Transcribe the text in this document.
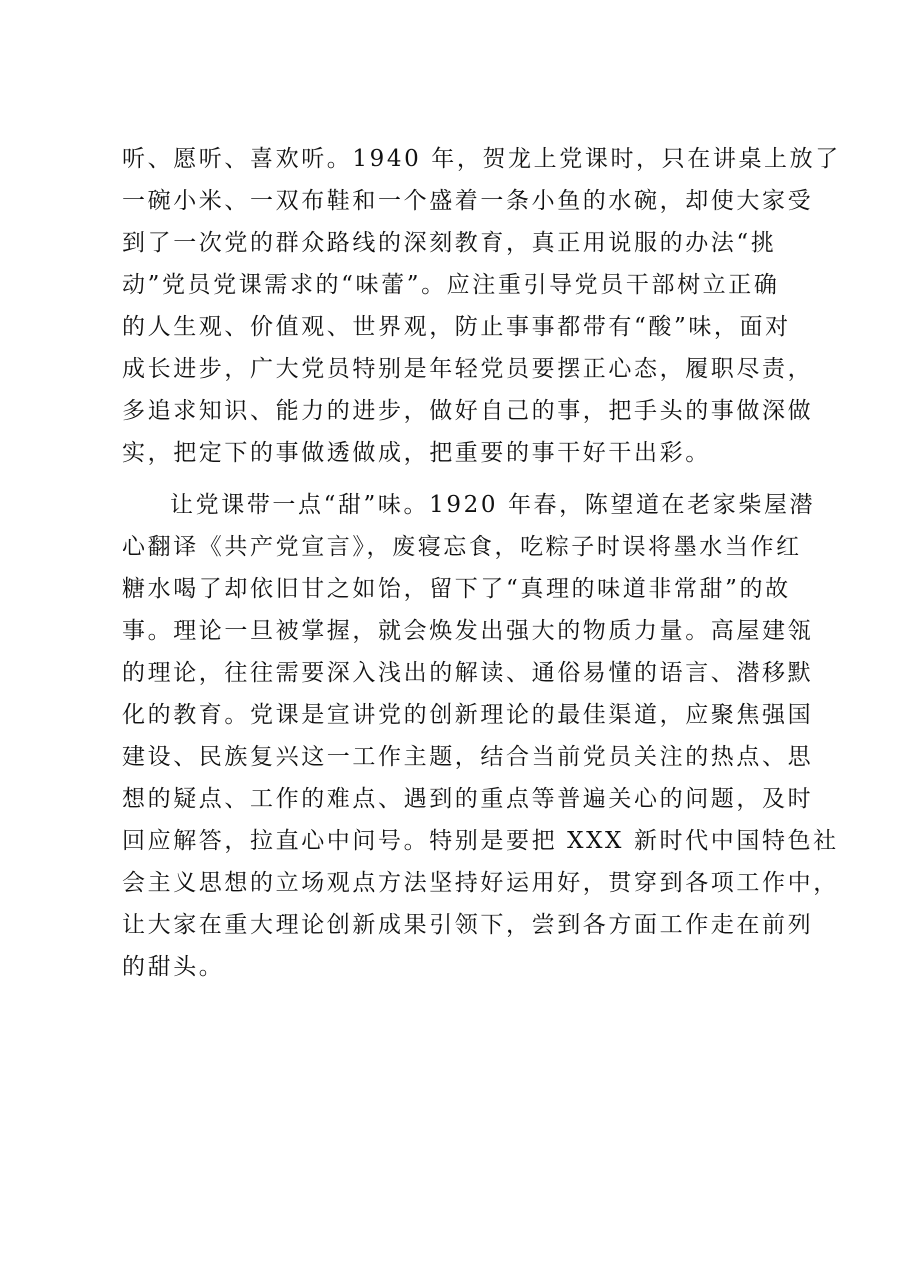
听、愿听、喜欢听。1940 年，贺龙上党课时，只在讲桌上放了
一碗小米、一双布鞋和一个盛着一条小鱼的水碗，却使大家受
到了一次党的群众路线的深刻教育，真正用说服的办法“挑
动”党员党课需求的“味蕾”。应注重引导党员干部树立正确
的人生观、价值观、世界观，防止事事都带有“酸”味，面对
成长进步，广大党员特别是年轻党员要摆正心态，履职尽责，
多追求知识、能力的进步，做好自己的事，把手头的事做深做
实，把定下的事做透做成，把重要的事干好干出彩。
让党课带一点“甜”味。1920 年春，陈望道在老家柴屋潜
心翻译《共产党宣言》，废寝忘食，吃粽子时误将墨水当作红
糖水喝了却依旧甘之如饴，留下了“真理的味道非常甜”的故
事。理论一旦被掌握，就会焕发出强大的物质力量。高屋建瓴
的理论，往往需要深入浅出的解读、通俗易懂的语言、潜移默
化的教育。党课是宣讲党的创新理论的最佳渠道，应聚焦强国
建设、民族复兴这一工作主题，结合当前党员关注的热点、思
想的疑点、工作的难点、遇到的重点等普遍关心的问题，及时
回应解答，拉直心中问号。特别是要把 XXX 新时代中国特色社
会主义思想的立场观点方法坚持好运用好，贯穿到各项工作中，
让大家在重大理论创新成果引领下，尝到各方面工作走在前列
的甜头。
